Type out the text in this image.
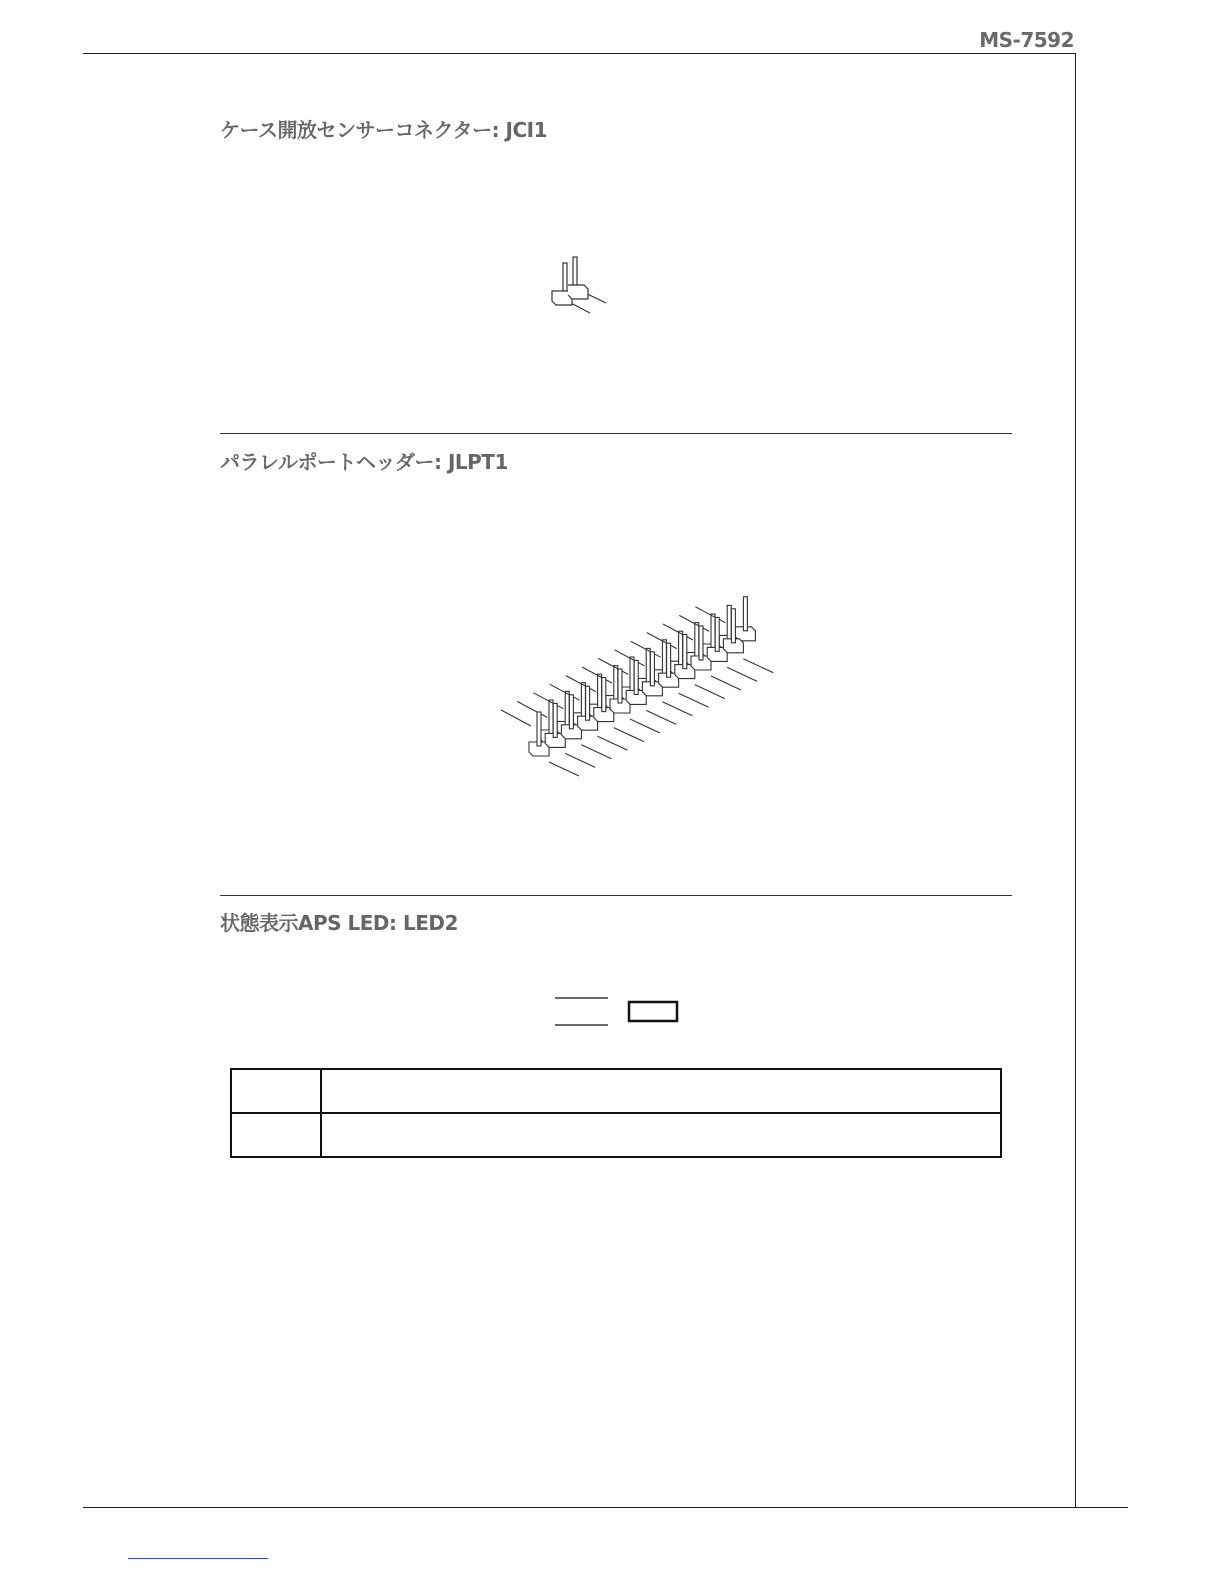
MS-7592
ケース開放センサーコネクター: JCI1
パラレルポートヘッダー: JLPT1
状態表示APS LED: LED2
